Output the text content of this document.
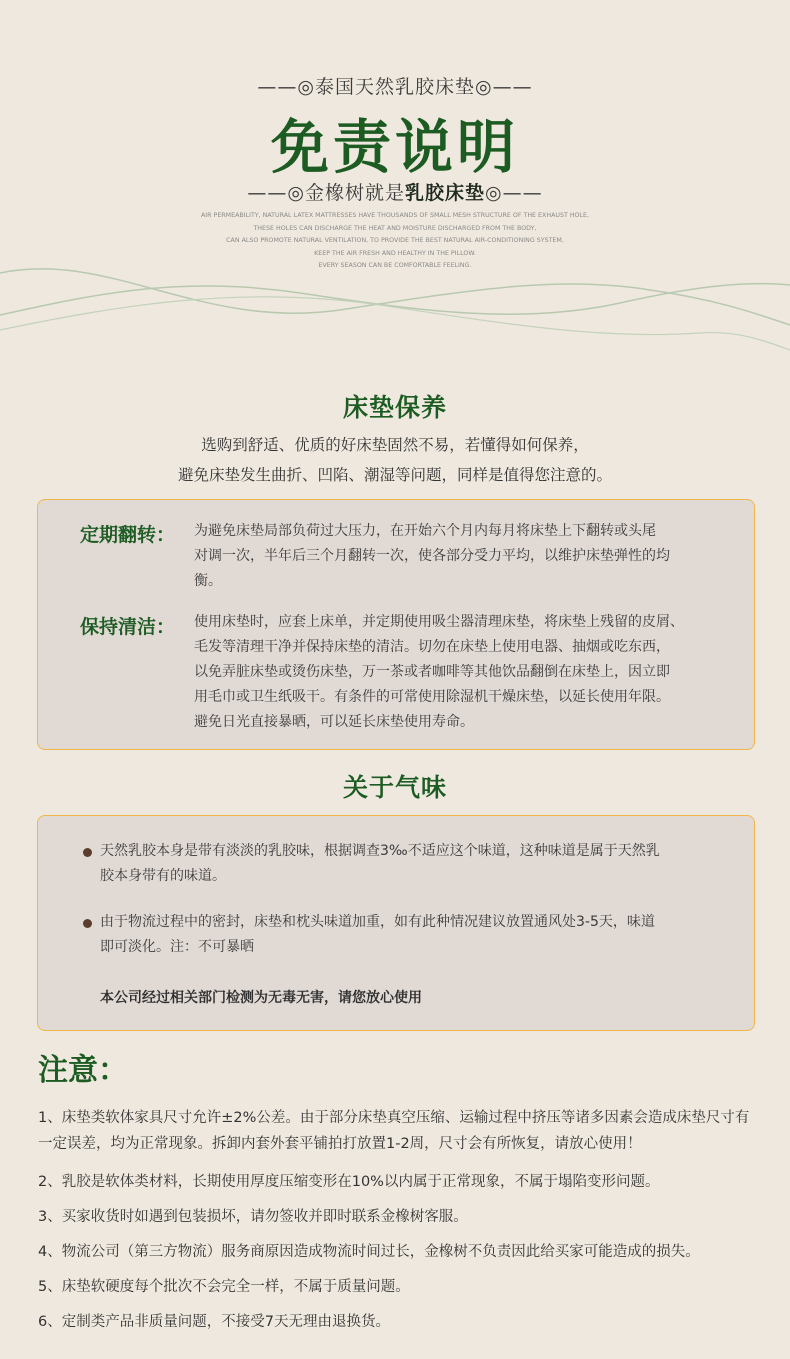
——◎泰国天然乳胶床垫◎——
免责说明
——◎金橡树就是乳胶床垫◎——
AIR PERMEABILITY, NATURAL LATEX MATTRESSES HAVE THOUSANDS OF SMALL MESH STRUCTURE OF THE EXHAUST HOLE,
THESE HOLES CAN DISCHARGE THE HEAT AND MOISTURE DISCHARGED FROM THE BODY,
CAN ALSO PROMOTE NATURAL VENTILATION, TO PROVIDE THE BEST NATURAL AIR-CONDITIONING SYSTEM,
KEEP THE AIR FRESH AND HEALTHY IN THE PILLOW.
EVERY SEASON CAN BE COMFORTABLE FEELING.
床垫保养
选购到舒适、优质的好床垫固然不易，若懂得如何保养，
避免床垫发生曲折、凹陷、潮湿等问题，同样是值得您注意的。
定期翻转： 为避免床垫局部负荷过大压力，在开始六个月内每月将床垫上下翻转或头尾
对调一次，半年后三个月翻转一次，使各部分受力平均，以维护床垫弹性的均
衡。
保持清洁： 使用床垫时，应套上床单，并定期使用吸尘器清理床垫，将床垫上残留的皮屑、
毛发等清理干净并保持床垫的清洁。切勿在床垫上使用电器、抽烟或吃东西，
以免弄脏床垫或烫伤床垫，万一茶或者咖啡等其他饮品翻倒在床垫上，因立即
用毛巾或卫生纸吸干。有条件的可常使用除湿机干燥床垫，以延长使用年限。
避免日光直接暴晒，可以延长床垫使用寿命。
关于气味
天然乳胶本身是带有淡淡的乳胶味，根据调查3‰不适应这个味道，这种味道是属于天然乳
胶本身带有的味道。
由于物流过程中的密封，床垫和枕头味道加重，如有此种情况建议放置通风处3-5天，味道
即可淡化。注：不可暴晒
本公司经过相关部门检测为无毒无害，请您放心使用
注意：
1、床垫类软体家具尺寸允许±2%公差。由于部分床垫真空压缩、运输过程中挤压等诸多因素会造成床垫尺寸有一定误差，均为正常现象。拆卸内套外套平铺拍打放置1-2周，尺寸会有所恢复，请放心使用！
2、乳胶是软体类材料，长期使用厚度压缩变形在10%以内属于正常现象，不属于塌陷变形问题。
3、买家收货时如遇到包装损坏，请勿签收并即时联系金橡树客服。
4、物流公司（第三方物流）服务商原因造成物流时间过长，金橡树不负责因此给买家可能造成的损失。
5、床垫软硬度每个批次不会完全一样，不属于质量问题。
6、定制类产品非质量问题，不接受7天无理由退换货。
